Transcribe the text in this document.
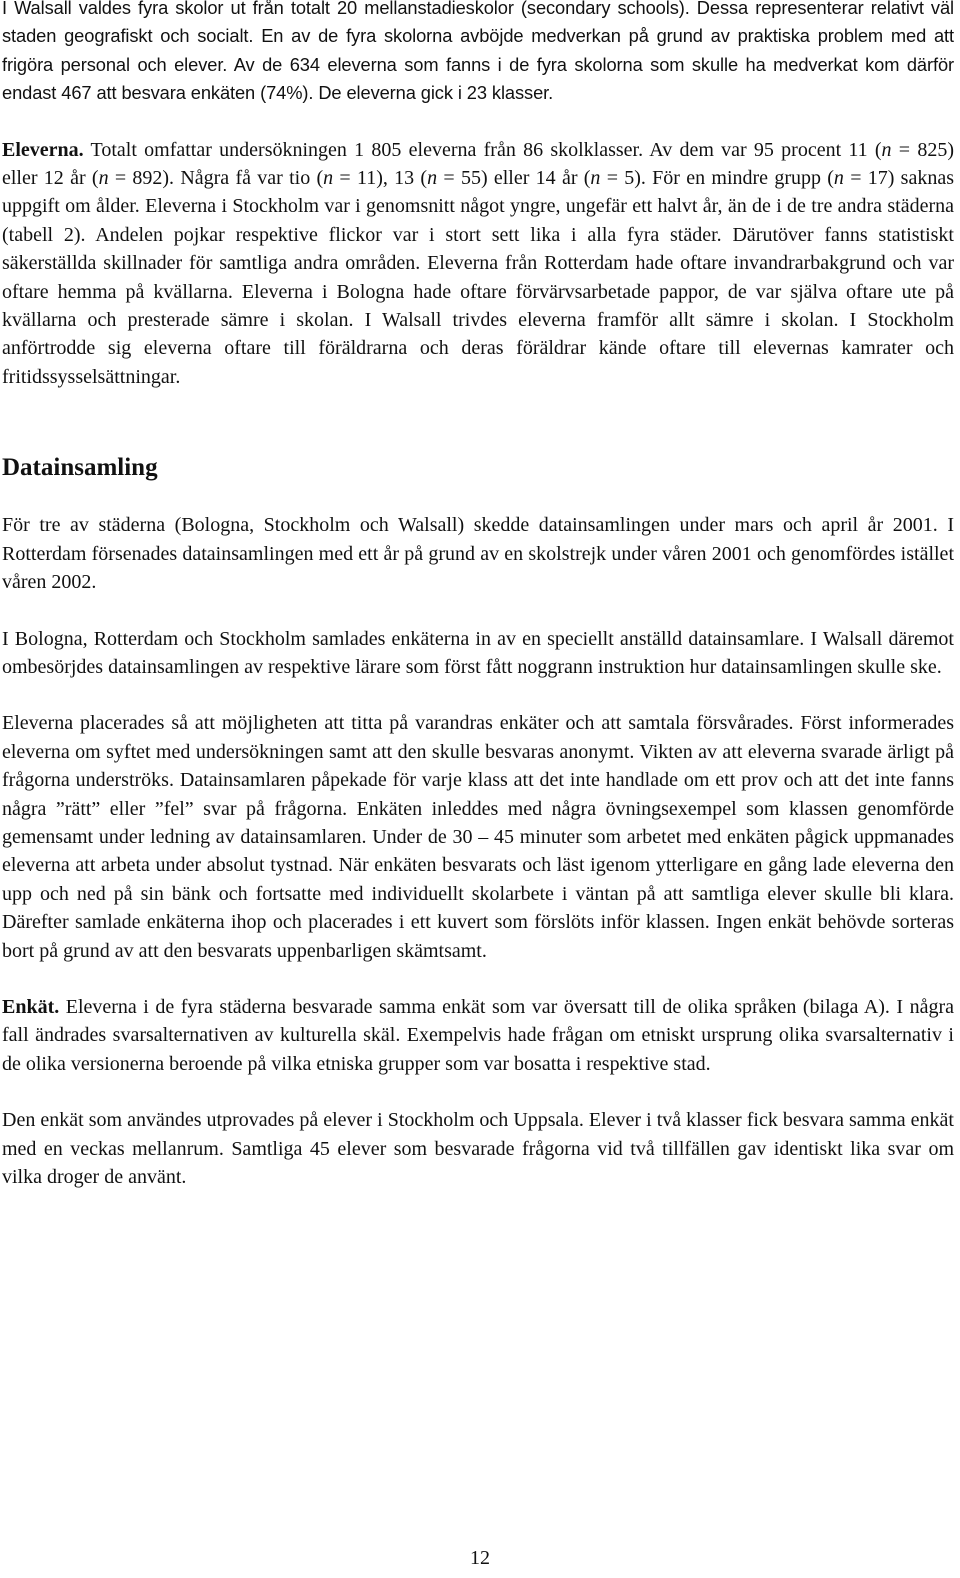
I Walsall valdes fyra skolor ut från totalt 20 mellanstadieskolor (secondary schools). Dessa representerar relativt väl staden geografiskt och socialt. En av de fyra skolorna avböjde medverkan på grund av praktiska problem med att frigöra personal och elever. Av de 634 eleverna som fanns i de fyra skolorna som skulle ha medverkat kom därför endast 467 att besvara enkäten (74%). De eleverna gick i 23 klasser.

Eleverna. Totalt omfattar undersökningen 1 805 eleverna från 86 skolklasser. Av dem var 95 procent 11 (n = 825) eller 12 år (n = 892). Några få var tio (n = 11), 13 (n = 55) eller 14 år (n = 5). För en mindre grupp (n = 17) saknas uppgift om ålder. Eleverna i Stockholm var i genomsnitt något yngre, ungefär ett halvt år, än de i de tre andra städerna (tabell 2). Andelen pojkar respektive flickor var i stort sett lika i alla fyra städer. Därutöver fanns statistiskt säkerställda skillnader för samtliga andra områden. Eleverna från Rotterdam hade oftare invandrarbakgrund och var oftare hemma på kvällarna. Eleverna i Bologna hade oftare förvärvsarbetade pappor, de var själva oftare ute på kvällarna och presterade sämre i skolan. I Walsall trivdes eleverna framför allt sämre i skolan. I Stockholm anförtrodde sig eleverna oftare till föräldrarna och deras föräldrar kände oftare till elevernas kamrater och fritidssysselsättningar.

Datainsamling

För tre av städerna (Bologna, Stockholm och Walsall) skedde datainsamlingen under mars och april år 2001. I Rotterdam försenades datainsamlingen med ett år på grund av en skolstrejk under våren 2001 och genomfördes istället våren 2002.

I Bologna, Rotterdam och Stockholm samlades enkäterna in av en speciellt anställd datainsamlare. I Walsall däremot ombesörjdes datainsamlingen av respektive lärare som först fått noggrann instruktion hur datainsamlingen skulle ske.

Eleverna placerades så att möjligheten att titta på varandras enkäter och att samtala försvårades. Först informerades eleverna om syftet med undersökningen samt att den skulle besvaras anonymt. Vikten av att eleverna svarade ärligt på frågorna underströks. Datainsamlaren påpekade för varje klass att det inte handlade om ett prov och att det inte fanns några ”rätt” eller ”fel” svar på frågorna. Enkäten inleddes med några övningsexempel som klassen genomförde gemensamt under ledning av datainsamlaren. Under de 30 – 45 minuter som arbetet med enkäten pågick uppmanades eleverna att arbeta under absolut tystnad. När enkäten besvarats och läst igenom ytterligare en gång lade eleverna den upp och ned på sin bänk och fortsatte med individuellt skolarbete i väntan på att samtliga elever skulle bli klara. Därefter samlade enkäterna ihop och placerades i ett kuvert som förslöts inför klassen. Ingen enkät behövde sorteras bort på grund av att den besvarats uppenbarligen skämtsamt.

Enkät. Eleverna i de fyra städerna besvarade samma enkät som var översatt till de olika språken (bilaga A). I några fall ändrades svarsalternativen av kulturella skäl. Exempelvis hade frågan om etniskt ursprung olika svarsalternativ i de olika versionerna beroende på vilka etniska grupper som var bosatta i respektive stad.

Den enkät som användes utprovades på elever i Stockholm och Uppsala. Elever i två klasser fick besvara samma enkät med en veckas mellanrum. Samtliga 45 elever som besvarade frågorna vid två tillfällen gav identiskt lika svar om vilka droger de använt.

12
